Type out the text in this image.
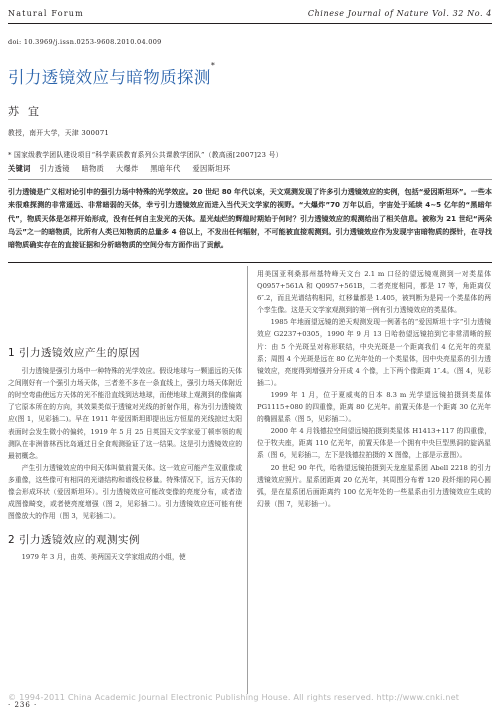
Natural Forum	Chinese Journal of Nature Vol. 32 No. 4
doi: 10.3969/j.issn.0253-9608.2010.04.009
引力透镜效应与暗物质探测*
苏宜
教授，南开大学，天津 300071
* 国家级教学团队建设项目“科学素质教育系列公共课教学团队”（教高函[2007]23 号）
关键词 引力透镜 暗物质 大爆炸 黑暗年代 爱因斯坦环
引力透镜是广义相对论引申的强引力场中特殊的光学效应。20 世纪 80 年代以来，天文观测发现了许多引力透镜效应的实例，包括“爱因斯坦环”。一些本来很难探测的非常遥远、非常暗弱的天体，幸亏引力透镜效应而进入当代天文学家的视野。“大爆炸”70 万年以后，宇宙处于延续 4~5 亿年的“黑暗年代”，物质天体是怎样开始形成，没有任何自主发光的天体。星光灿烂的辉煌时期始于何时？引力透镜效应的观测给出了相关信息。被称为 21 世纪“两朵乌云”之一的暗物质，比所有人类已知物质的总量多 4 倍以上，不发出任何辐射，不可能被直接观测到。引力透镜效应作为发现宇宙暗物质的探针，在寻找暗物质确实存在的直接证据和分析暗物质的空间分布方面作出了贡献。
1 引力透镜效应产生的原因

引力透镜是强引力场中一种特殊的光学效应。假设地球与一颗遥远的天体之间刚好有一个强引力场天体，三者差不多在一条直线上，强引力场天体附近的时空弯曲使远方天体的光不能沿直线到达地球，而使地球上观测到的像偏离了它原本所在的方向，其效果类似于透镜对光线的折射作用，称为引力透镜效应(图 1，见彩插二)。早在 1911 年爱因斯坦即提出远方恒星的光线掠过太阳表面时会发生微小的偏转，1919 年 5 月 25 日英国天文学家爱丁顿率领的观测队在非洲普林西比岛通过日全食观测验证了这一结果。这是引力透镜效应的最初概念。

产生引力透镜效应的中间天体叫做前置天体。这一效应可能产生双重像或多重像，这些像可有相同的光谱结构和谱线位移量。特殊情况下，远方天体的像会形成环状（爱因斯坦环）。引力透镜效应可能改变像的亮度分布，或者造成图像畸变，或者使亮度增强（图 2，见彩插二）。引力透镜效应还可能有使图像放大的作用（图 3，见彩插二）。

2 引力透镜效应的观测实例

1979 年 3 月，由英、美两国天文学家组成的小组，使

用美国亚利桑那州基特峰天文台 2.1 m 口径的望远镜观测到一对类星体 Q0957+561A 和 Q0957+561B，二者亮度相同，都是 17 等，角距离仅 6″.2，而且光谱结构相同，红移量都是 1.405，被判断为是同一个类星体的两个孪生像。这是天文学家观测到的第一例有引力透镜效应的类星体。

1985 年地面望远镜的逆天观测发现一例著名的“爱因斯坦十字”引力透镜效应 G2237+0305，1990 年 9 月 13 日哈勃望远镜拍到它非常清晰的照片：由 5 个光斑呈对称形联结，中央光斑是一个距离我们 4 亿光年的亮星系；周围 4 个光斑是远在 80 亿光年处的一个类星体，因中央亮星系的引力透镜效应，亮度得到增强并分开成 4 个像，上下两个像距离 1″.4。（图 4，见彩插二）。

1999 年 1 月，位于夏威夷的日本 8.3 m 光学望远镜拍摄到类星体 PG1115+080 的四重像，距离 80 亿光年。前置天体是一个距离 30 亿光年的椭圆星系（图 5，见彩插二）。

2000 年 4 月钱德拉空间望远镜拍摄到类星体 H1413+117 的四重像，位于牧夫座，距离 110 亿光年，前置天体是一个拥有中央巨型黑洞的旋涡星系（图 6，见彩插二，左下是钱德拉拍摄的 X 图像，上部是示意图）。

20 世纪 90 年代，哈勃望远镜拍摄到天龙座星系团 Abell 2218 的引力透镜效应照片。星系团距离 20 亿光年，其周围分布着 120 段纤细的同心圆弧，是在星系团后面距离约 100 亿光年处的一些星系由引力透镜效应生成的幻景（图 7，见彩插一）。

© 1994-2011 China Academic Journal Electronic Publishing House. All rights reserved. http://www.cnki.net
· 236 ·
